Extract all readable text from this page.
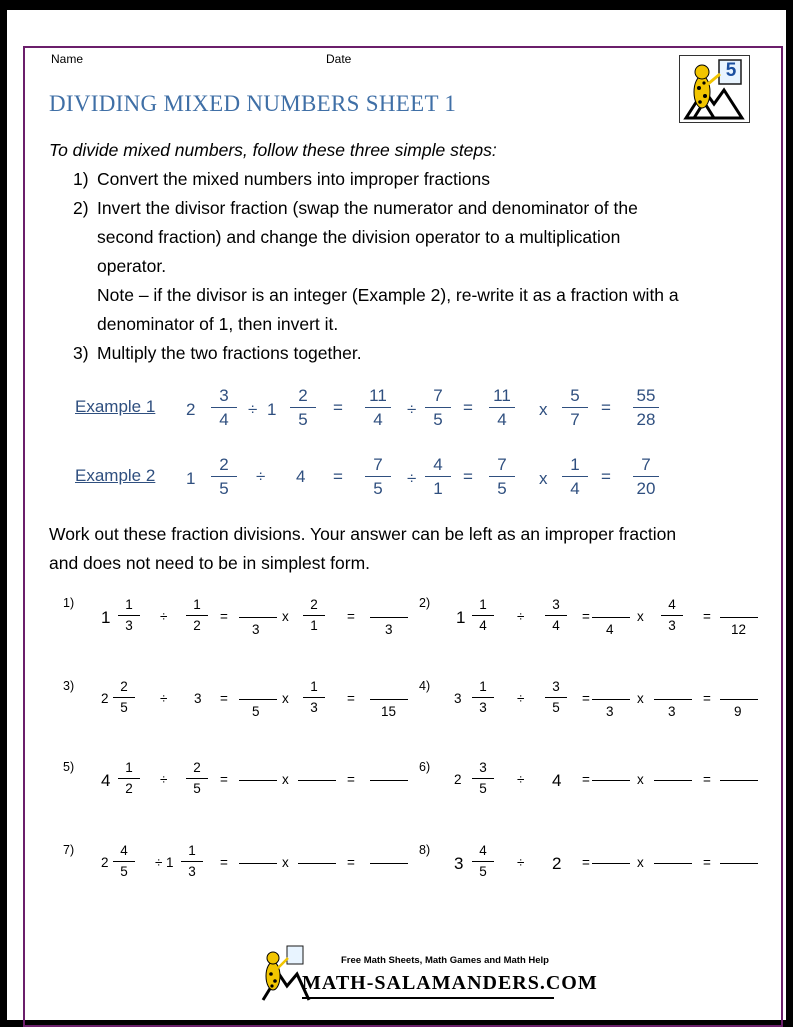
Name	Date
DIVIDING MIXED NUMBERS SHEET 1
5
To divide mixed numbers, follow these three simple steps:
1) Convert the mixed numbers into improper fractions
2) Invert the divisor fraction (swap the numerator and denominator of the
second fraction) and change the division operator to a multiplication
operator.
Note – if the divisor is an integer (Example 2), re-write it as a fraction with a
denominator of 1, then invert it.
3) Multiply the two fractions together.
Example 1 2
3
4
÷ 1
2
5
=
11
4
÷
7
5
=
11
4
x
5
7
=
55
28
Example 2 1
2
5
÷ 4 =
7
5
÷
4
1
=
7
5
x
1
4
=
7
20
Work out these fraction divisions. Your answer can be left as an improper fraction
and does not need to be in simplest form.
1)
1
1
3
÷
1
2
=
3
x
2
1
=
3
2)
1
1
4
÷
3
4
=
4
x
4
3
=
12
3)
2
2
5
÷ 3 =
5
x
1
3
=
15
4)
3
1
3
÷
3
5
=
3
x
3
=
9
5)
4
1
2
÷
2
5
=	x	=
6)
2
3
5
÷ 4 =	x	=
7)
2
4
5
÷ 1
1
3
=	x	=
8)
3
4
5
÷ 2 =	x	=
Free Math Sheets, Math Games and Math Help
MATH-SALAMANDERS.COM
